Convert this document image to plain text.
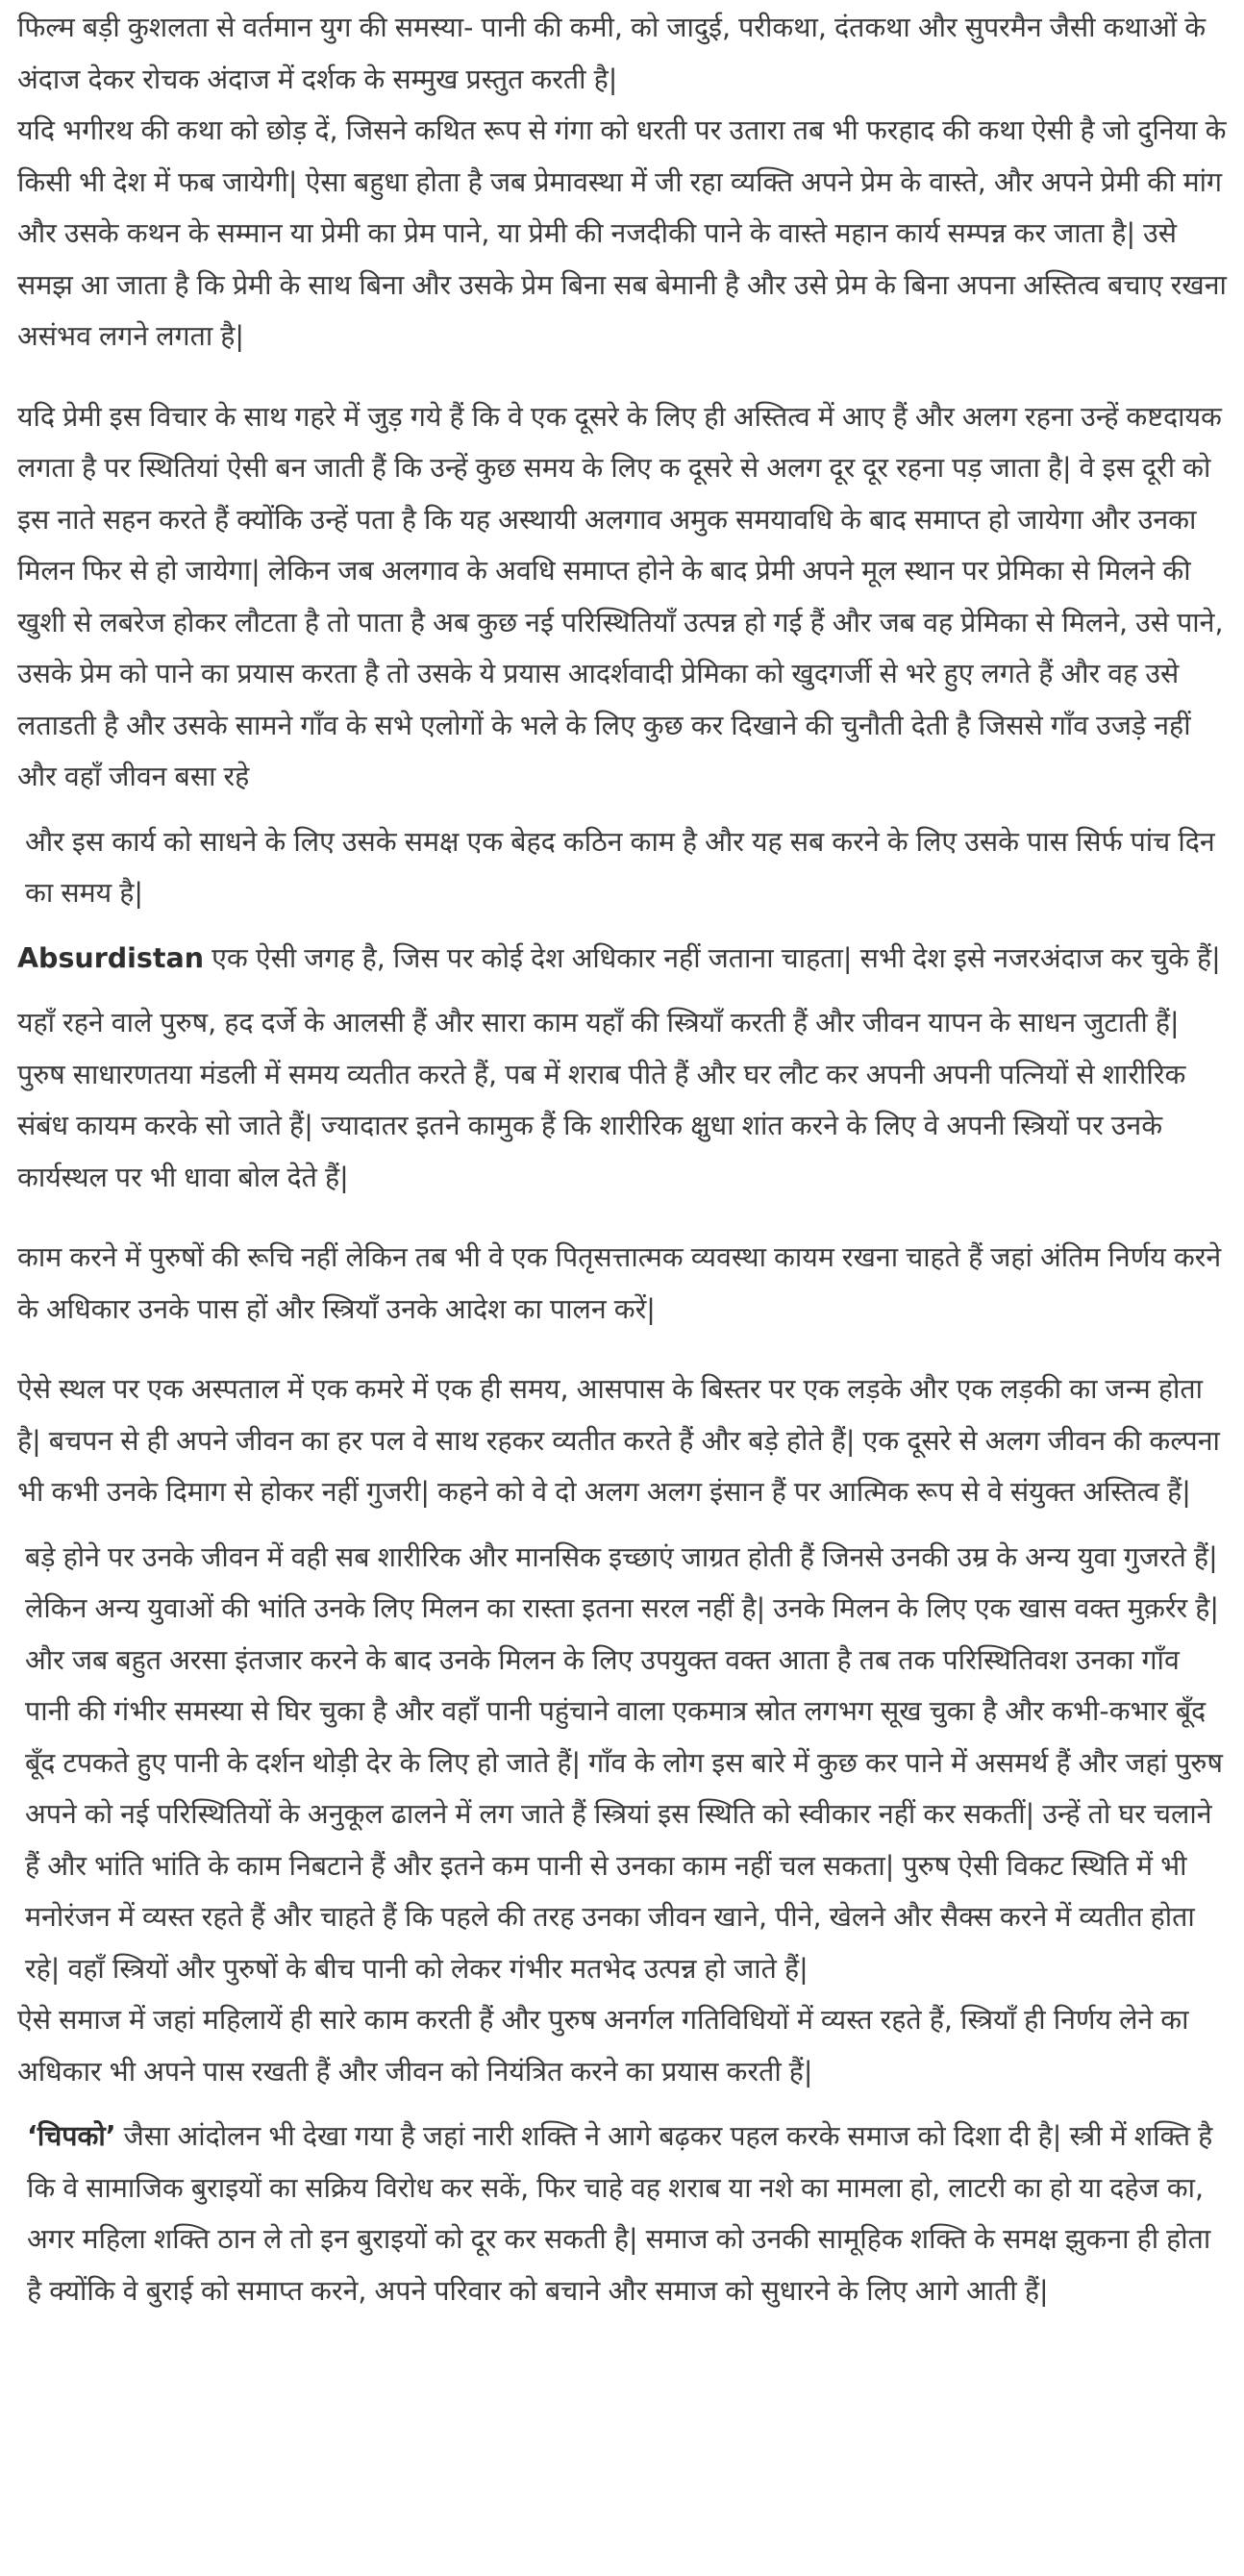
फिल्म बड़ी कुशलता से वर्तमान युग की समस्या- पानी की कमी, को जादुई, परीकथा, दंतकथा और सुपरमैन जैसी कथाओं के अंदाज देकर रोचक अंदाज में दर्शक के सम्मुख प्रस्तुत करती है|

यदि भगीरथ की कथा को छोड़ दें, जिसने कथित रूप से गंगा को धरती पर उतारा तब भी फरहाद की कथा ऐसी है जो दुनिया के किसी भी देश में फब जायेगी| ऐसा बहुधा होता है जब प्रेमावस्था में जी रहा व्यक्ति अपने प्रेम के वास्ते, और अपने प्रेमी की मांग और उसके कथन के सम्मान या प्रेमी का प्रेम पाने, या प्रेमी की नजदीकी पाने के वास्ते महान कार्य सम्पन्न कर जाता है| उसे समझ आ जाता है कि प्रेमी के साथ बिना और उसके प्रेम बिना सब बेमानी है और उसे प्रेम के बिना अपना अस्तित्व बचाए रखना असंभव लगने लगता है|

यदि प्रेमी इस विचार के साथ गहरे में जुड़ गये हैं कि वे एक दूसरे के लिए ही अस्तित्व में आए हैं और अलग रहना उन्हें कष्टदायक लगता है पर स्थितियां ऐसी बन जाती हैं कि उन्हें कुछ समय के लिए क दूसरे से अलग दूर दूर रहना पड़ जाता है| वे इस दूरी को इस नाते सहन करते हैं क्योंकि उन्हें पता है कि यह अस्थायी अलगाव अमुक समयावधि के बाद समाप्त हो जायेगा और उनका मिलन फिर से हो जायेगा| लेकिन जब अलगाव के अवधि समाप्त होने के बाद प्रेमी अपने मूल स्थान पर प्रेमिका से मिलने की खुशी से लबरेज होकर लौटता है तो पाता है अब कुछ नई परिस्थितियाँ उत्पन्न हो गई हैं और जब वह प्रेमिका से मिलने, उसे पाने, उसके प्रेम को पाने का प्रयास करता है तो उसके ये प्रयास आदर्शवादी प्रेमिका को खुदगर्जी से भरे हुए लगते हैं और वह उसे लताडती है और उसके सामने गाँव के सभे एलोगों के भले के लिए कुछ कर दिखाने की चुनौती देती है जिससे गाँव उजड़े नहीं और वहाँ जीवन बसा रहे

और इस कार्य को साधने के लिए उसके समक्ष एक बेहद कठिन काम है और यह सब करने के लिए उसके पास सिर्फ पांच दिन का समय है|

Absurdistan एक ऐसी जगह है, जिस पर कोई देश अधिकार नहीं जताना चाहता| सभी देश इसे नजरअंदाज कर चुके हैं|

यहाँ रहने वाले पुरुष, हद दर्जे के आलसी हैं और सारा काम यहाँ की स्त्रियाँ करती हैं और जीवन यापन के साधन जुटाती हैं| पुरुष साधारणतया मंडली में समय व्यतीत करते हैं, पब में शराब पीते हैं और घर लौट कर अपनी अपनी पत्नियों से शारीरिक संबंध कायम करके सो जाते हैं| ज्यादातर इतने कामुक हैं कि शारीरिक क्षुधा शांत करने के लिए वे अपनी स्त्रियों पर उनके कार्यस्थल पर भी धावा बोल देते हैं|

काम करने में पुरुषों की रूचि नहीं लेकिन तब भी वे एक पितृसत्तात्मक व्यवस्था कायम रखना चाहते हैं जहां अंतिम निर्णय करने के अधिकार उनके पास हों और स्त्रियाँ उनके आदेश का पालन करें|

ऐसे स्थल पर एक अस्पताल में एक कमरे में एक ही समय, आसपास के बिस्तर पर एक लड़के और एक लड़की का जन्म होता है| बचपन से ही अपने जीवन का हर पल वे साथ रहकर व्यतीत करते हैं और बड़े होते हैं| एक दूसरे से अलग जीवन की कल्पना भी कभी उनके दिमाग से होकर नहीं गुजरी| कहने को वे दो अलग अलग इंसान हैं पर आत्मिक रूप से वे संयुक्त अस्तित्व हैं|

बड़े होने पर उनके जीवन में वही सब शारीरिक और मानसिक इच्छाएं जाग्रत होती हैं जिनसे उनकी उम्र के अन्य युवा गुजरते हैं| लेकिन अन्य युवाओं की भांति उनके लिए मिलन का रास्ता इतना सरल नहीं है| उनके मिलन के लिए एक खास वक्त मुक़र्रर है| और जब बहुत अरसा इंतजार करने के बाद उनके मिलन के लिए उपयुक्त वक्त आता है तब तक परिस्थितिवश उनका गाँव पानी की गंभीर समस्या से घिर चुका है और वहाँ पानी पहुंचाने वाला एकमात्र स्रोत लगभग सूख चुका है और कभी-कभार बूँद बूँद टपकते हुए पानी के दर्शन थोड़ी देर के लिए हो जाते हैं| गाँव के लोग इस बारे में कुछ कर पाने में असमर्थ हैं और जहां पुरुष अपने को नई परिस्थितियों के अनुकूल ढालने में लग जाते हैं स्त्रियां इस स्थिति को स्वीकार नहीं कर सकतीं| उन्हें तो घर चलाने हैं और भांति भांति के काम निबटाने हैं और इतने कम पानी से उनका काम नहीं चल सकता| पुरुष ऐसी विकट स्थिति में भी मनोरंजन में व्यस्त रहते हैं और चाहते हैं कि पहले की तरह उनका जीवन खाने, पीने, खेलने और सैक्स करने में व्यतीत होता रहे| वहाँ स्त्रियों और पुरुषों के बीच पानी को लेकर गंभीर मतभेद उत्पन्न हो जाते हैं|

ऐसे समाज में जहां महिलायें ही सारे काम करती हैं और पुरुष अनर्गल गतिविधियों में व्यस्त रहते हैं, स्त्रियाँ ही निर्णय लेने का अधिकार भी अपने पास रखती हैं और जीवन को नियंत्रित करने का प्रयास करती हैं|

‘चिपको’ जैसा आंदोलन भी देखा गया है जहां नारी शक्ति ने आगे बढ़कर पहल करके समाज को दिशा दी है| स्त्री में शक्ति है कि वे सामाजिक बुराइयों का सक्रिय विरोध कर सकें, फिर चाहे वह शराब या नशे का मामला हो, लाटरी का हो या दहेज का, अगर महिला शक्ति ठान ले तो इन बुराइयों को दूर कर सकती है| समाज को उनकी सामूहिक शक्ति के समक्ष झुकना ही होता है क्योंकि वे बुराई को समाप्त करने, अपने परिवार को बचाने और समाज को सुधारने के लिए आगे आती हैं|
